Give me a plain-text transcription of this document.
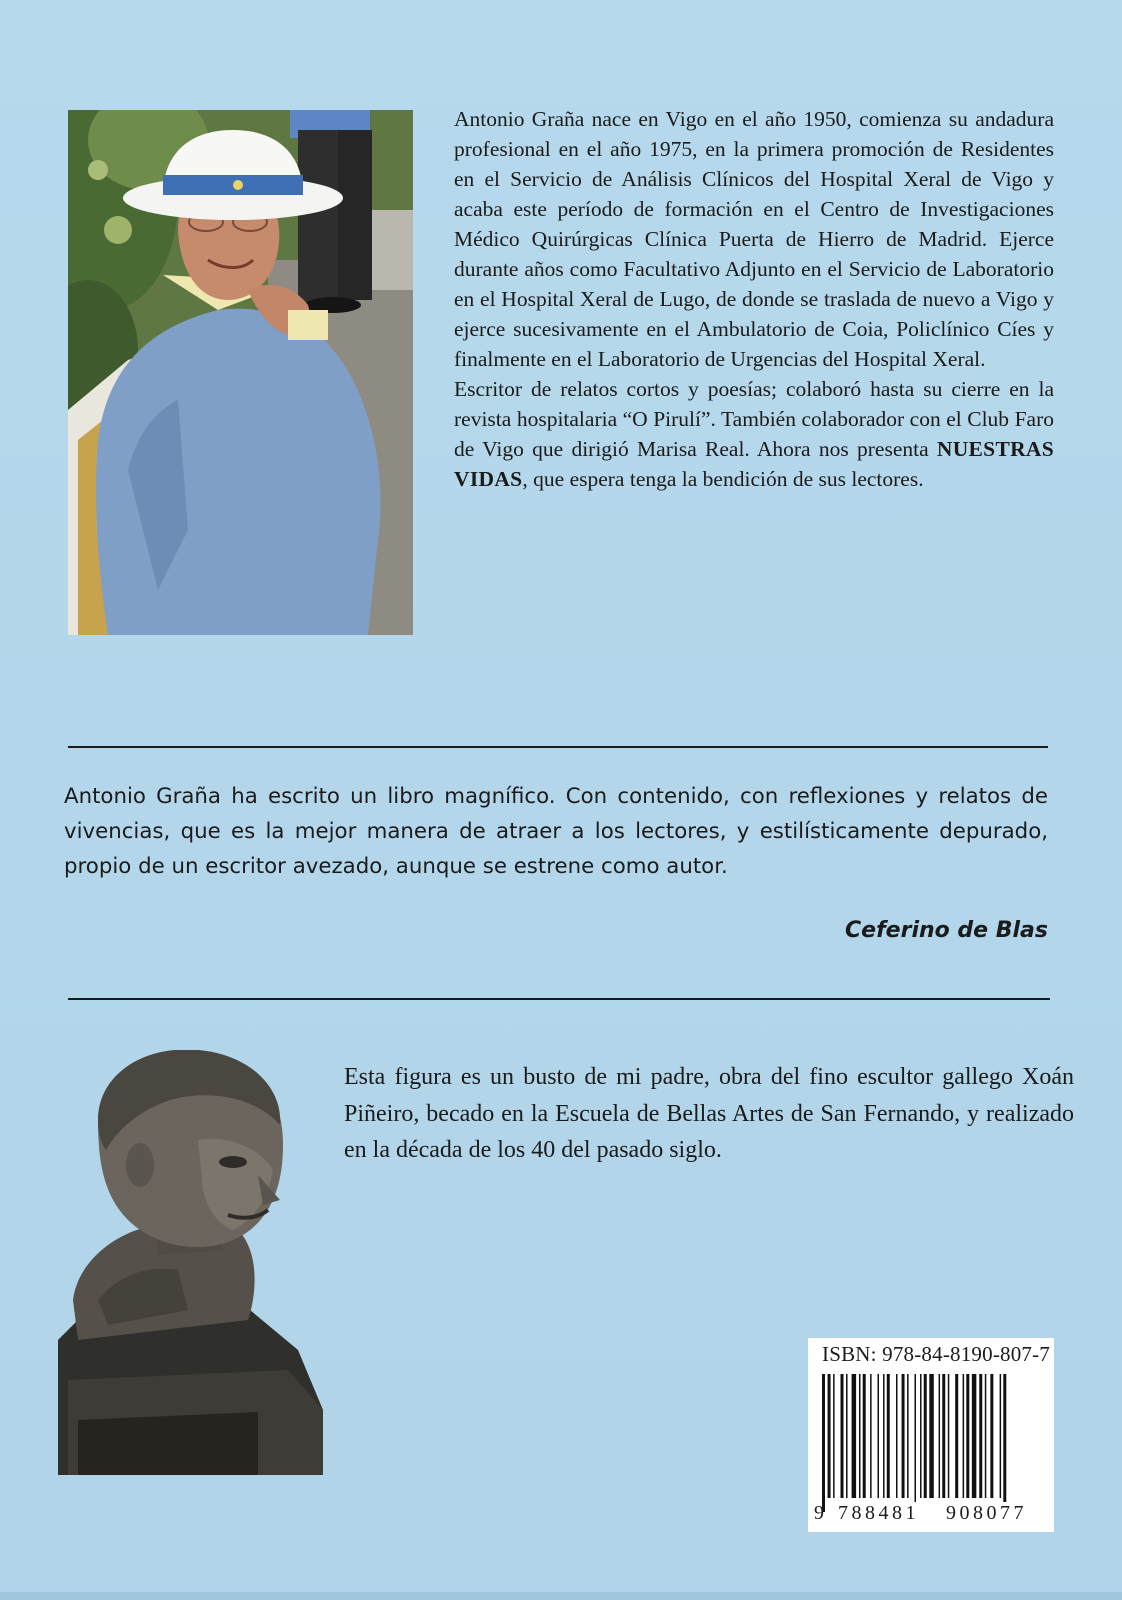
Antonio Graña nace en Vigo en el año 1950, comienza su andadura profesional en el año 1975, en la primera promoción de Residentes en el Servicio de Análisis Clínicos del Hospital Xeral de Vigo y acaba este período de formación en el Centro de Investigaciones Médico Quirúrgicas Clínica Puerta de Hierro de Madrid. Ejerce durante años como Facultativo Adjunto en el Servicio de Laboratorio en el Hospital Xeral de Lugo, de donde se traslada de nuevo a Vigo y ejerce sucesivamente en el Ambulatorio de Coia, Policlínico Cíes y finalmente en el Laboratorio de Urgencias del Hospital Xeral.

Escritor de relatos cortos y poesías; colaboró hasta su cierre en la revista hospitalaria “O Pirulí”. También colaborador con el Club Faro de Vigo que dirigió Marisa Real. Ahora nos presenta NUESTRAS VIDAS, que espera tenga la bendición de sus lectores.

Antonio Graña ha escrito un libro magnífico. Con contenido, con reflexiones y relatos de vivencias, que es la mejor manera de atraer a los lectores, y estilísticamente depurado, propio de un escritor avezado, aunque se estrene como autor.

Ceferino de Blas

Esta figura es un busto de mi padre, obra del fino escultor gallego Xoán Piñeiro, becado en la Escuela de Bellas Artes de San Fernando, y realizado en la década de los 40 del pasado siglo.

ISBN: 978-84-8190-807-7
9 788481 908077
